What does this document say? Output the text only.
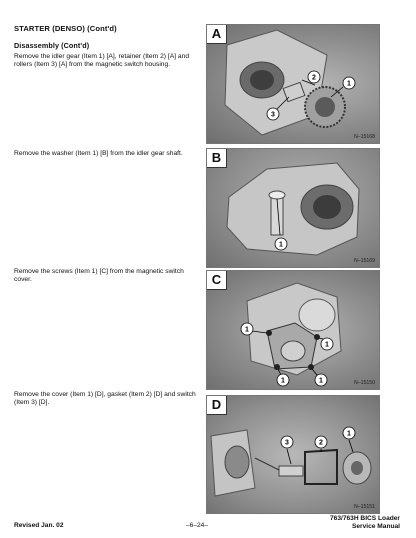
STARTER (DENSO) (Cont'd)
Disassembly (Cont'd)
Remove the idler gear (Item 1) [A], retainer (Item 2) [A] and rollers (Item 3) [A] from the magnetic switch housing.
Remove the washer (Item 1) [B] from the idler gear shaft.
Remove the screws (Item 1) [C] from the magnetic switch cover.
Remove the cover (Item 1) [D], gasket (Item 2) [D] and switch (Item 3) [D].
1
2
3
A
N–15168
1
B
N–15169
1
1
1	1
C
N–15150
3	2
1
D
N–15151
Revised Jan. 02	–6–24–
763/763H BICS Loader
Service Manual
